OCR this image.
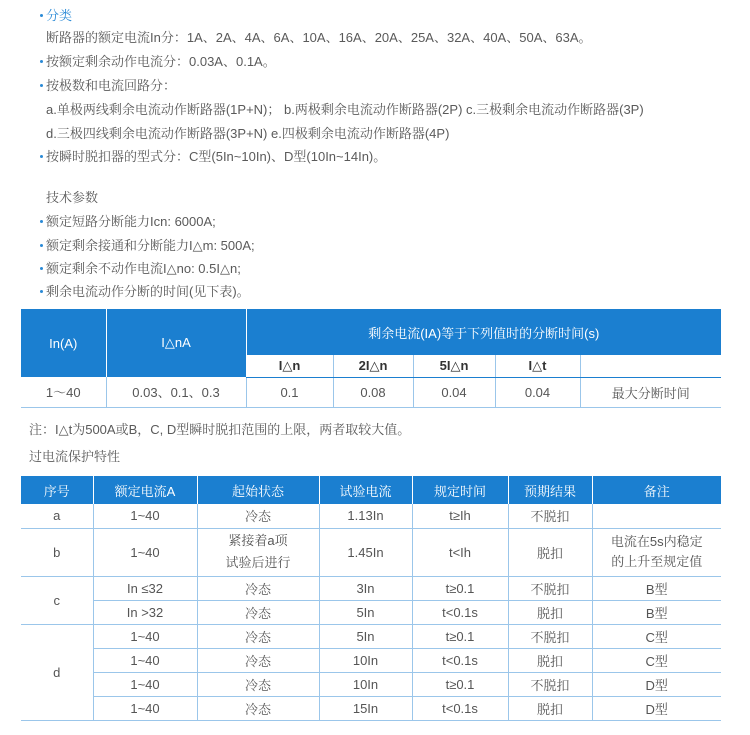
分类
断路器的额定电流In分：1A、2A、4A、6A、10A、16A、20A、25A、32A、40A、50A、63A。
按额定剩余动作电流分：0.03A、0.1A。
按极数和电流回路分：
a.单极两线剩余电流动作断路器(1P+N)； b.两极剩余电流动作断路器(2P) c.三极剩余电流动作断路器(3P)
d.三极四线剩余电流动作断路器(3P+N) e.四极剩余电流动作断路器(4P)
按瞬时脱扣器的型式分：C型(5In~10In)、D型(10In~14In)。
技术参数
额定短路分断能力Icn: 6000A;
额定剩余接通和分断能力I△m: 500A;
额定剩余不动作电流I△no: 0.5I△n;
剩余电流动作分断的时间(见下表)。
In(A)	I△nA	剩余电流(IA)等于下列值时的分断时间(s)				
		I△n	2I△n	5I△n	I△t	
1～40	0.03、0.1、0.3	0.1	0.08	0.04	0.04	最大分断时间
注：I△t为500A或B，C, D型瞬时脱扣范围的上限，两者取较大值。
过电流保护特性
序号	额定电流A	起始状态	试验电流	规定时间	预期结果	备注
a	1~40	冷态	1.13In	t≥Ih	不脱扣	
b	1~40	紧接着a项
试验后进行	1.45In	t<Ih	脱扣	电流在5s内稳定
的上升至规定值
c	In ≤32	冷态	3In	t≥0.1	不脱扣	B型
	In >32	冷态	5In	t<0.1s	脱扣	B型
d	1~40	冷态	5In	t≥0.1	不脱扣	C型
	1~40	冷态	10In	t<0.1s	脱扣	C型
	1~40	冷态	10In	t≥0.1	不脱扣	D型
	1~40	冷态	15In	t<0.1s	脱扣	D型
